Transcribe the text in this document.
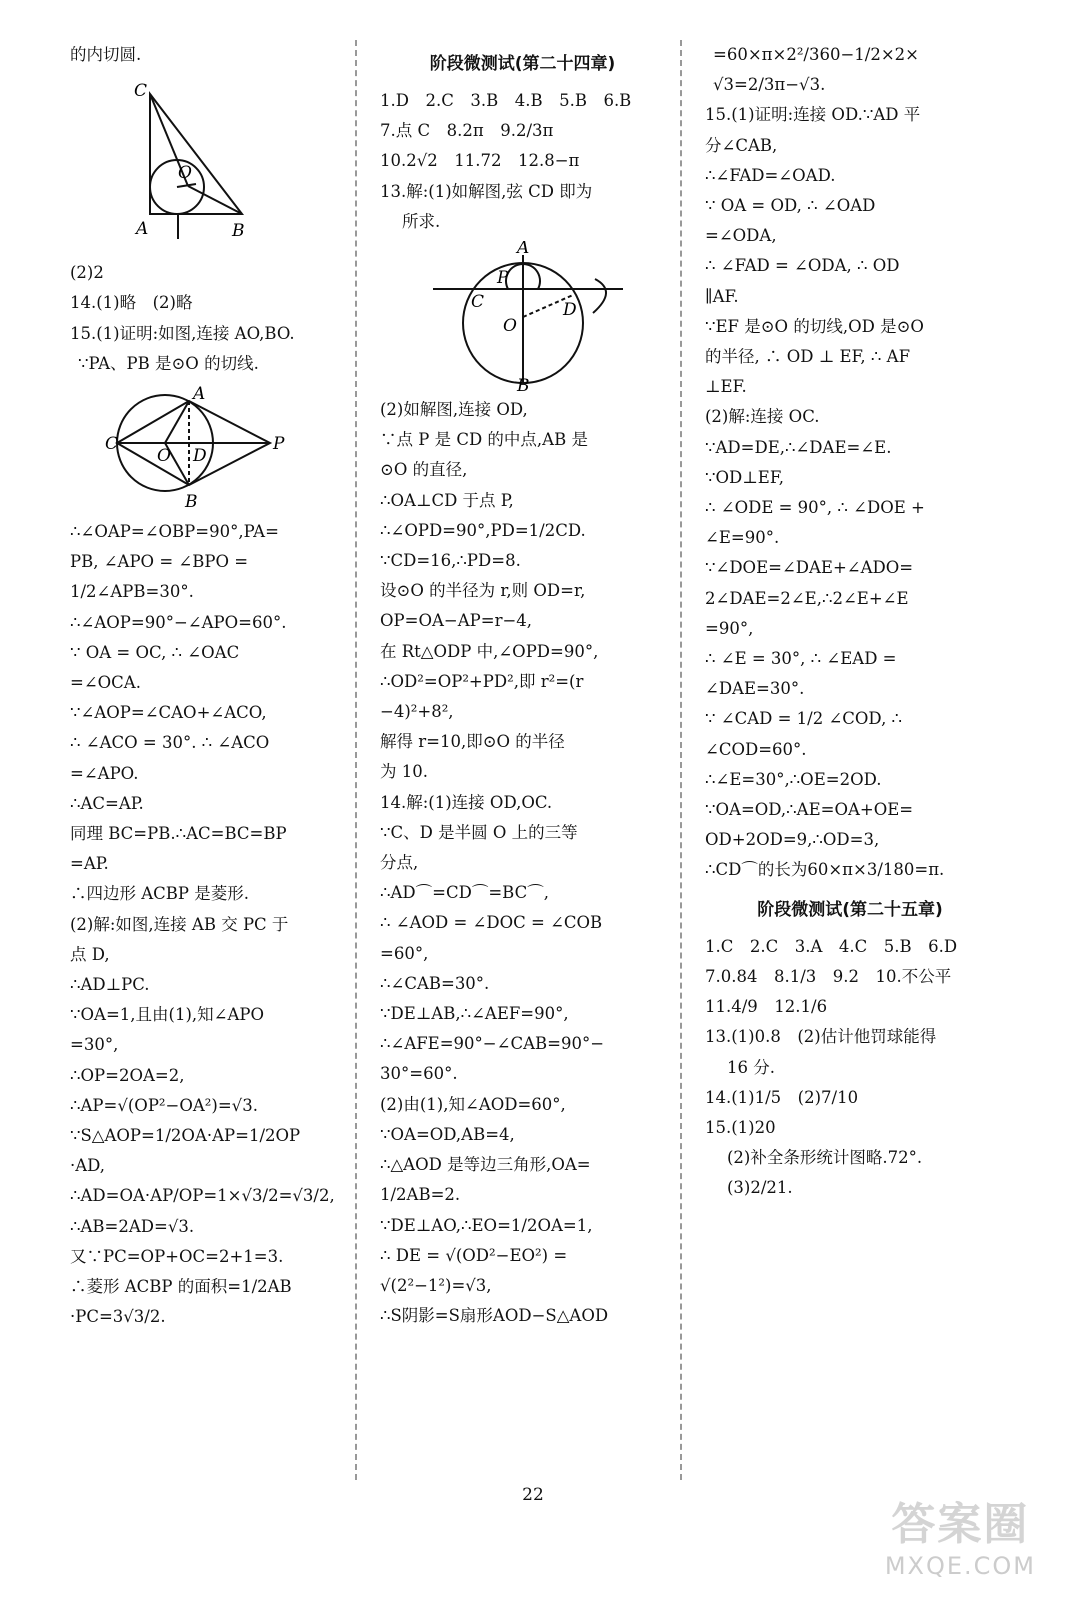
的内切圆.
C
O
A	B
(2)2
14.(1)略　(2)略
15.(1)证明:如图,连接 AO,BO.
∵PA、PB 是⊙O 的切线.
C
A
O D
P
B
∴∠OAP=∠OBP=90°,PA=
PB, ∠APO = ∠BPO =
1/2∠APB=30°.
∴∠AOP=90°−∠APO=60°.
∵ OA = OC, ∴ ∠OAC
=∠OCA.
∵∠AOP=∠CAO+∠ACO,
∴ ∠ACO = 30°. ∴ ∠ACO
=∠APO.
∴AC=AP.
同理 BC=PB.∴AC=BC=BP
=AP.
∴四边形 ACBP 是菱形.
(2)解:如图,连接 AB 交 PC 于
点 D,
∴AD⊥PC.
∵OA=1,且由(1),知∠APO
=30°,
∴OP=2OA=2,
∴AP=√(OP²−OA²)=√3.
∵S△AOP=1/2OA·AP=1/2OP
·AD,
∴AD=OA·AP/OP=1×√3/2=√3/2,
∴AB=2AD=√3.
又∵PC=OP+OC=2+1=3.
∴菱形 ACBP 的面积=1/2AB
·PC=3√3/2.
阶段微测试(第二十四章)
1.D　2.C　3.B　4.B　5.B　6.B
7.点 C　8.2π　9.2/3π
10.2√2　11.72　12.8−π
13.解:(1)如解图,弦 CD 即为
所求.
A
P
C	D
O
B
(2)如解图,连接 OD,
∵点 P 是 CD 的中点,AB 是
⊙O 的直径,
∴OA⊥CD 于点 P,
∴∠OPD=90°,PD=1/2CD.
∵CD=16,∴PD=8.
设⊙O 的半径为 r,则 OD=r,
OP=OA−AP=r−4,
在 Rt△ODP 中,∠OPD=90°,
∴OD²=OP²+PD²,即 r²=(r
−4)²+8²,
解得 r=10,即⊙O 的半径
为 10.
14.解:(1)连接 OD,OC.
∵C、D 是半圆 O 上的三等
分点,
∴AD⌒=CD⌒=BC⌒,
∴ ∠AOD = ∠DOC = ∠COB
=60°,
∴∠CAB=30°.
∵DE⊥AB,∴∠AEF=90°,
∴∠AFE=90°−∠CAB=90°−
30°=60°.
(2)由(1),知∠AOD=60°,
∵OA=OD,AB=4,
∴△AOD 是等边三角形,OA=
1/2AB=2.
∵DE⊥AO,∴EO=1/2OA=1,
∴ DE = √(OD²−EO²) =
√(2²−1²)=√3,
∴S阴影=S扇形AOD−S△AOD
=60×π×2²/360−1/2×2×
√3=2/3π−√3.
15.(1)证明:连接 OD.∵AD 平
分∠CAB,
∴∠FAD=∠OAD.
∵ OA = OD, ∴ ∠OAD
=∠ODA,
∴ ∠FAD = ∠ODA, ∴ OD
∥AF.
∵EF 是⊙O 的切线,OD 是⊙O
的半径, ∴ OD ⊥ EF, ∴ AF
⊥EF.
(2)解:连接 OC.
∵AD=DE,∴∠DAE=∠E.
∵OD⊥EF,
∴ ∠ODE = 90°, ∴ ∠DOE +
∠E=90°.
∵∠DOE=∠DAE+∠ADO=
2∠DAE=2∠E,∴2∠E+∠E
=90°,
∴ ∠E = 30°, ∴ ∠EAD =
∠DAE=30°.
∵ ∠CAD = 1/2 ∠COD, ∴
∠COD=60°.
∴∠E=30°,∴OE=2OD.
∵OA=OD,∴AE=OA+OE=
OD+2OD=9,∴OD=3,
∴CD⌒的长为60×π×3/180=π.
阶段微测试(第二十五章)
1.C　2.C　3.A　4.C　5.B　6.D
7.0.84　8.1/3　9.2　10.不公平
11.4/9　12.1/6
13.(1)0.8　(2)估计他罚球能得
16 分.
14.(1)1/5　(2)7/10
15.(1)20
(2)补全条形统计图略.72°.
(3)2/21.
22
答案圈
MXQE.COM
